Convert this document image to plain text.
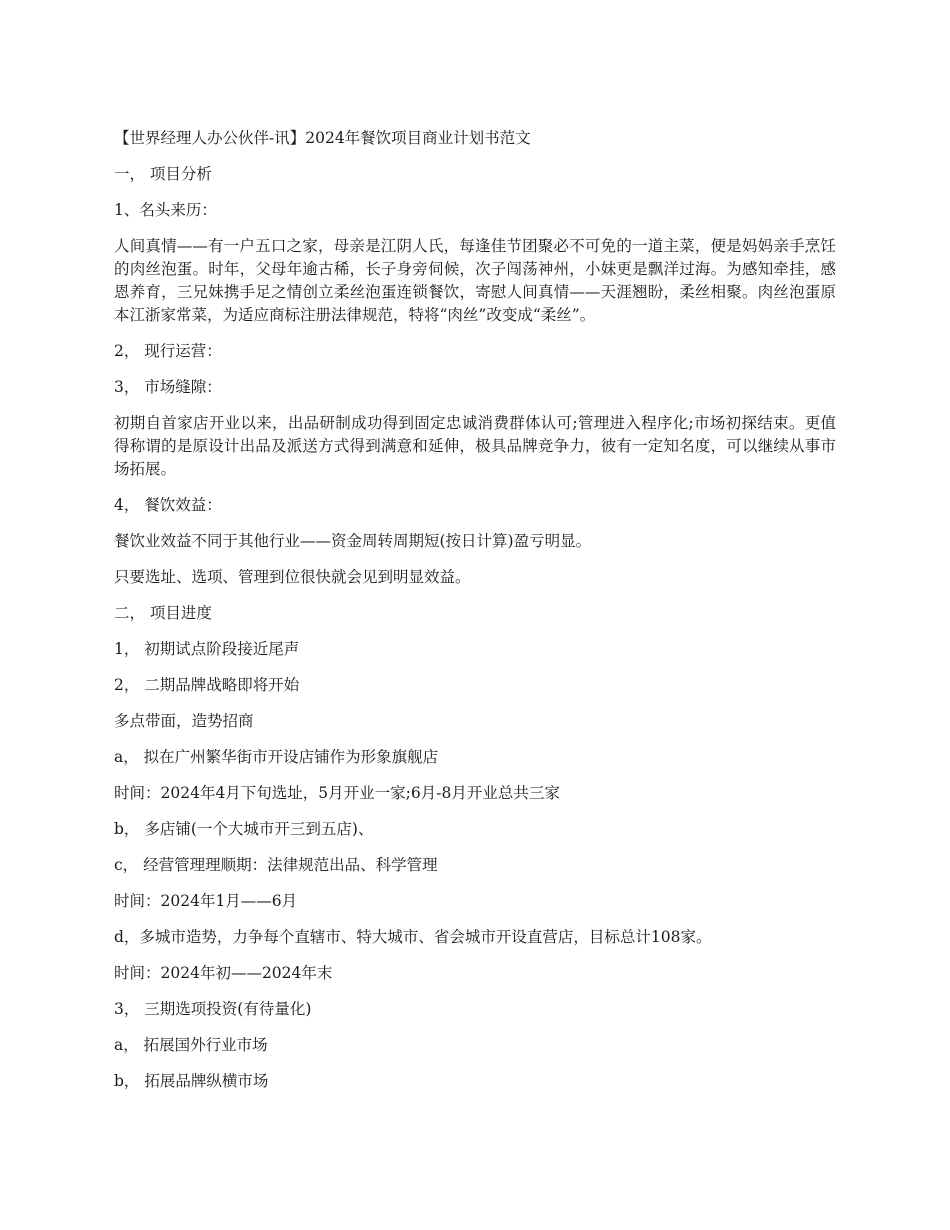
【世界经理人办公伙伴-讯】2024年餐饮项目商业计划书范文

一， 项目分析

1、名头来历：

人间真情——有一户五口之家，母亲是江阴人氏，每逢佳节团聚必不可免的一道主菜，便是妈妈亲手烹饪的肉丝泡蛋。时年，父母年逾古稀，长子身旁伺候，次子闯荡神州，小妹更是飘洋过海。为感知牵挂，感恩养育，三兄妹携手足之情创立柔丝泡蛋连锁餐饮，寄慰人间真情——天涯翘盼，柔丝相聚。肉丝泡蛋原本江浙家常菜，为适应商标注册法律规范，特将“肉丝”改变成“柔丝”。

2， 现行运营：

3， 市场缝隙：

初期自首家店开业以来，出品研制成功得到固定忠诚消费群体认可;管理进入程序化;市场初探结束。更值得称谓的是原设计出品及派送方式得到满意和延伸，极具品牌竞争力，彼有一定知名度，可以继续从事市场拓展。

4， 餐饮效益：

餐饮业效益不同于其他行业——资金周转周期短(按日计算)盈亏明显。

只要选址、选项、管理到位很快就会见到明显效益。

二， 项目进度

1， 初期试点阶段接近尾声

2， 二期品牌战略即将开始

多点带面，造势招商

a， 拟在广州繁华街市开设店铺作为形象旗舰店

时间：2024年4月下旬选址，5月开业一家;6月-8月开业总共三家

b， 多店铺(一个大城市开三到五店)、

c， 经营管理理顺期：法律规范出品、科学管理

时间：2024年1月——6月

d，多城市造势，力争每个直辖市、特大城市、省会城市开设直营店，目标总计108家。

时间：2024年初——2024年末

3， 三期选项投资(有待量化)

a， 拓展国外行业市场

b， 拓展品牌纵横市场
